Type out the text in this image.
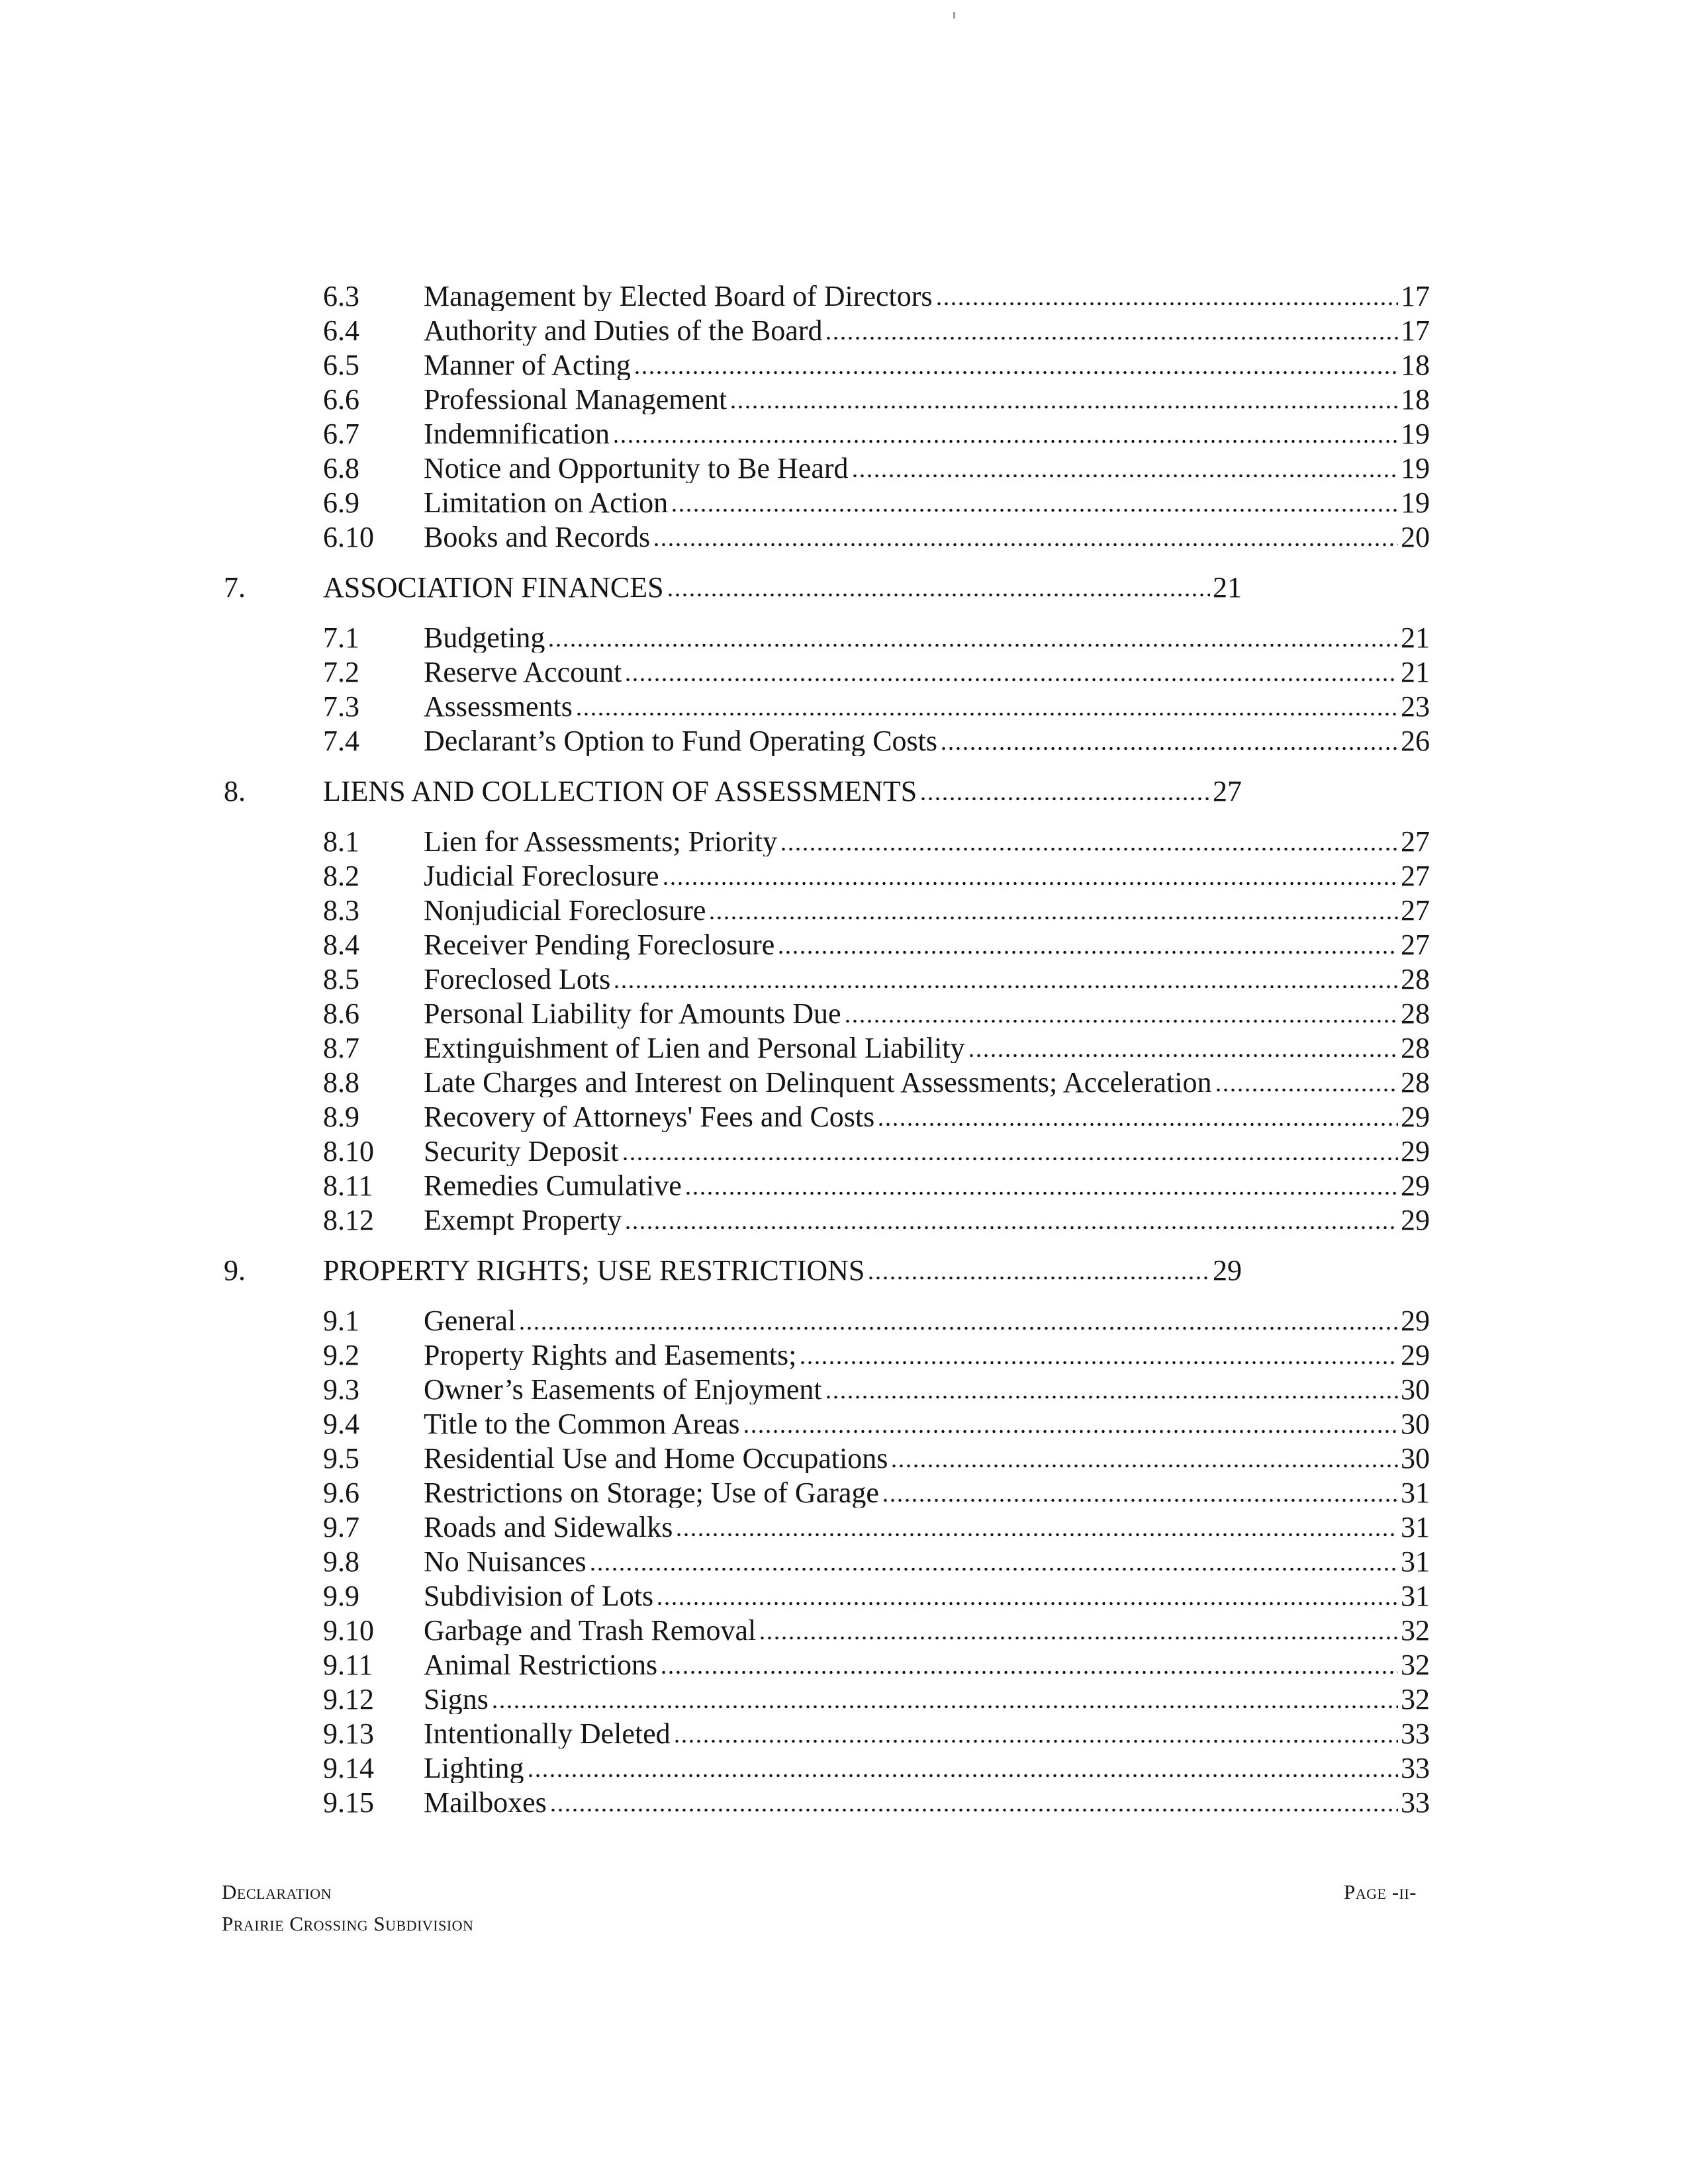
6.3 Management by Elected Board of Directors	17
6.4 Authority and Duties of the Board	17
6.5 Manner of Acting	18
6.6 Professional Management	18
6.7 Indemnification	19
6.8 Notice and Opportunity to Be Heard	19
6.9 Limitation on Action	19
6.10 Books and Records	20
7.	ASSOCIATION FINANCES	21
7.1 Budgeting	21
7.2 Reserve Account	21
7.3 Assessments	23
7.4 Declarant’s Option to Fund Operating Costs	26
8.	LIENS AND COLLECTION OF ASSESSMENTS	27
8.1 Lien for Assessments; Priority	27
8.2 Judicial Foreclosure	27
8.3 Nonjudicial Foreclosure	27
8.4 Receiver Pending Foreclosure	27
8.5 Foreclosed Lots	28
8.6 Personal Liability for Amounts Due	28
8.7 Extinguishment of Lien and Personal Liability	28
8.8 Late Charges and Interest on Delinquent Assessments; Acceleration	28
8.9 Recovery of Attorneys' Fees and Costs	29
8.10 Security Deposit	29
8.11 Remedies Cumulative	29
8.12 Exempt Property	29
9.	PROPERTY RIGHTS; USE RESTRICTIONS	29
9.1 General	29
9.2 Property Rights and Easements;	29
9.3 Owner’s Easements of Enjoyment	30
9.4 Title to the Common Areas	30
9.5 Residential Use and Home Occupations	30
9.6 Restrictions on Storage; Use of Garage	31
9.7 Roads and Sidewalks	31
9.8 No Nuisances	31
9.9 Subdivision of Lots	31
9.10 Garbage and Trash Removal	32
9.11 Animal Restrictions	32
9.12 Signs	32
9.13 Intentionally Deleted	33
9.14 Lighting	33
9.15 Mailboxes	33
Declaration
Prairie Crossing Subdivision
Page -ii-
